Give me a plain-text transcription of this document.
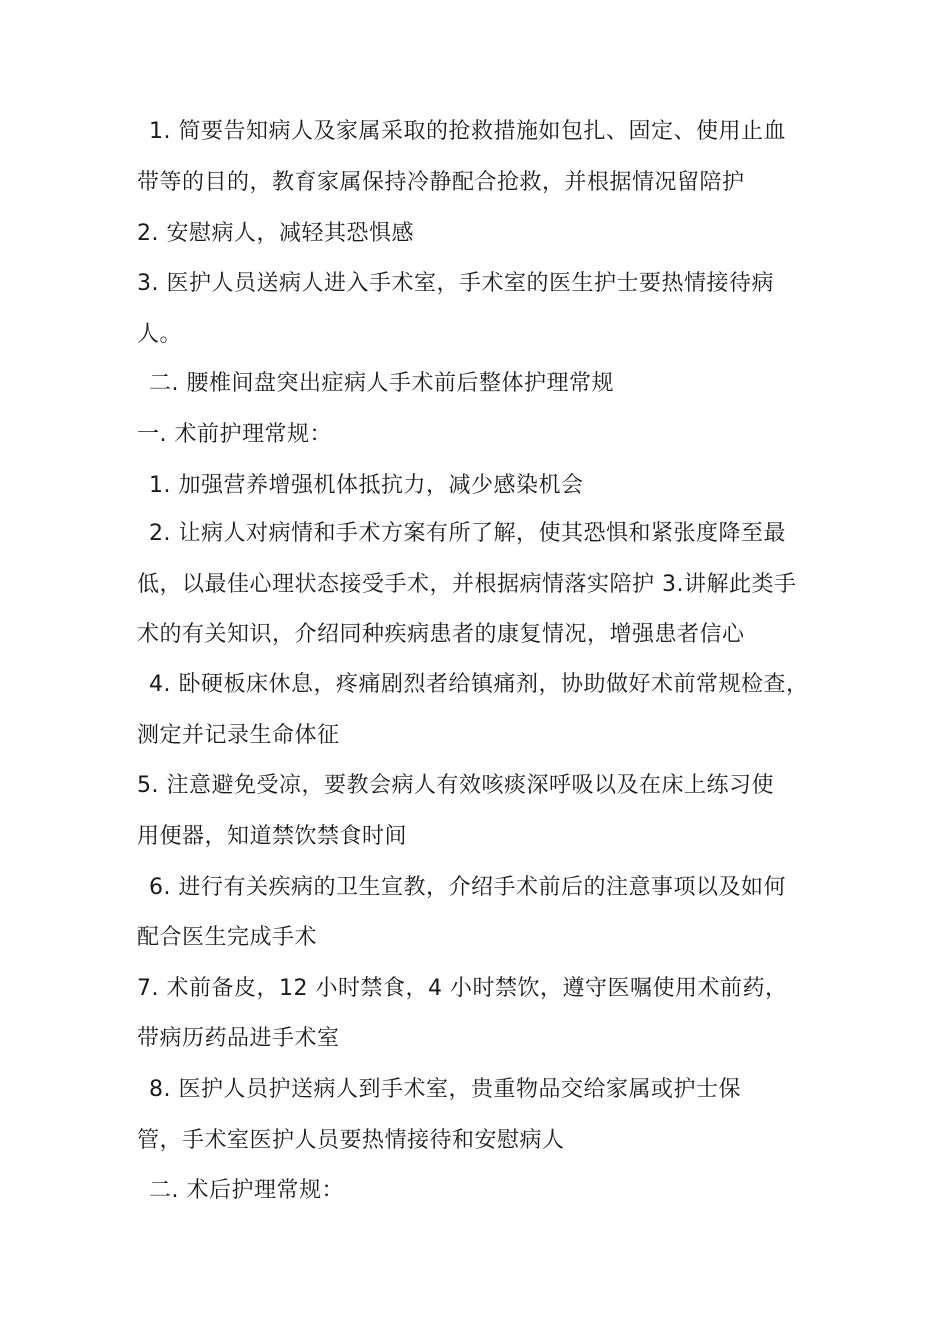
1. 简要告知病人及家属采取的抢救措施如包扎、固定、使用止血
带等的目的，教育家属保持冷静配合抢救，并根据情况留陪护
2. 安慰病人，减轻其恐惧感
3. 医护人员送病人进入手术室，手术室的医生护士要热情接待病
人。
二. 腰椎间盘突出症病人手术前后整体护理常规
一. 术前护理常规：
1. 加强营养增强机体抵抗力，减少感染机会
2. 让病人对病情和手术方案有所了解，使其恐惧和紧张度降至最
低，以最佳心理状态接受手术，并根据病情落实陪护 3.讲解此类手
术的有关知识，介绍同种疾病患者的康复情况，增强患者信心
4. 卧硬板床休息，疼痛剧烈者给镇痛剂，协助做好术前常规检查，
测定并记录生命体征
5. 注意避免受凉，要教会病人有效咳痰深呼吸以及在床上练习使
用便器，知道禁饮禁食时间
6. 进行有关疾病的卫生宣教，介绍手术前后的注意事项以及如何
配合医生完成手术
7. 术前备皮，12 小时禁食，4 小时禁饮，遵守医嘱使用术前药，
带病历药品进手术室
8. 医护人员护送病人到手术室，贵重物品交给家属或护士保
管，手术室医护人员要热情接待和安慰病人
二. 术后护理常规：
